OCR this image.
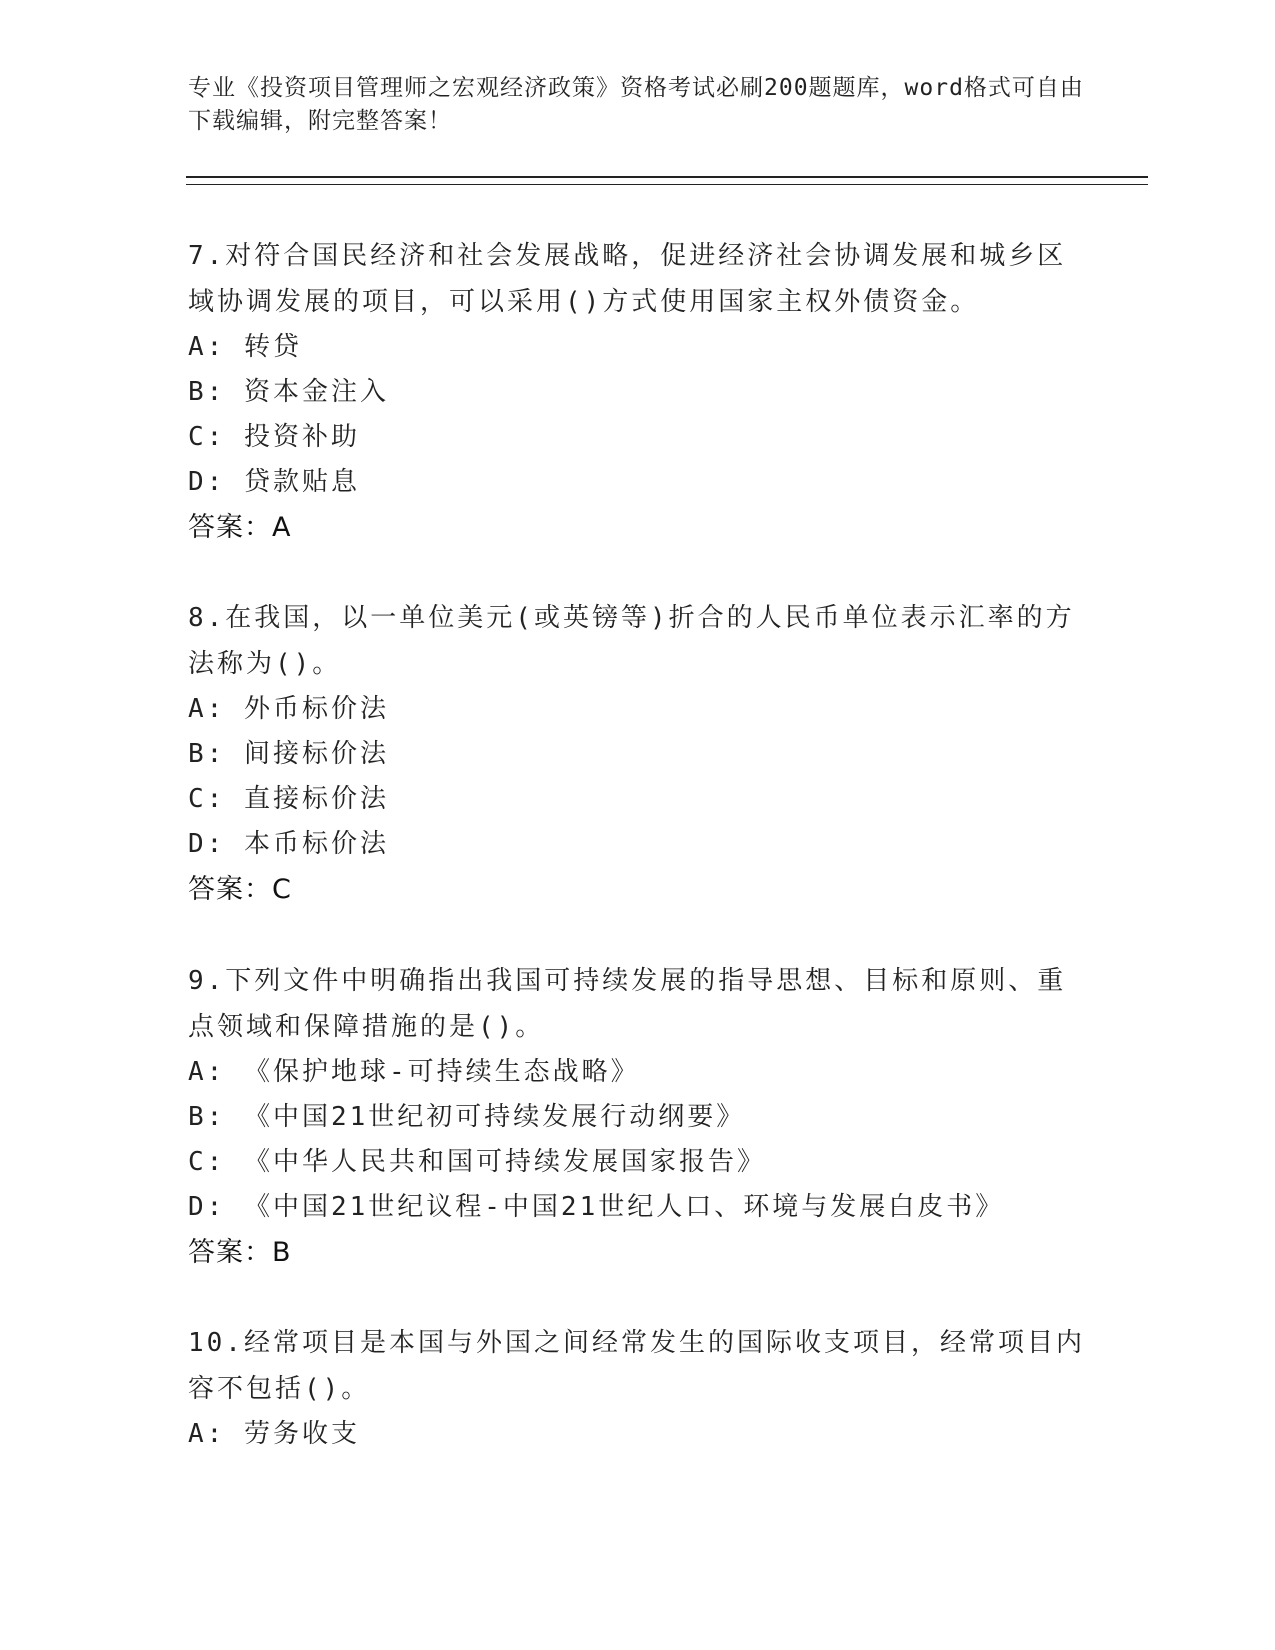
专业《投资项目管理师之宏观经济政策》资格考试必刷200题题库，word格式可自由下载编辑，附完整答案！

7.对符合国民经济和社会发展战略，促进经济社会协调发展和城乡区域协调发展的项目，可以采用()方式使用国家主权外债资金。

A: 转贷
B: 资本金注入
C: 投资补助
D: 贷款贴息
答案：A

8.在我国，以一单位美元(或英镑等)折合的人民币单位表示汇率的方法称为()。

A: 外币标价法
B: 间接标价法
C: 直接标价法
D: 本币标价法
答案：C

9.下列文件中明确指出我国可持续发展的指导思想、目标和原则、重点领域和保障措施的是()。

A: 《保护地球-可持续生态战略》
B: 《中国21世纪初可持续发展行动纲要》
C: 《中华人民共和国可持续发展国家报告》
D: 《中国21世纪议程-中国21世纪人口、环境与发展白皮书》
答案：B

10.经常项目是本国与外国之间经常发生的国际收支项目，经常项目内容不包括()。

A: 劳务收支
